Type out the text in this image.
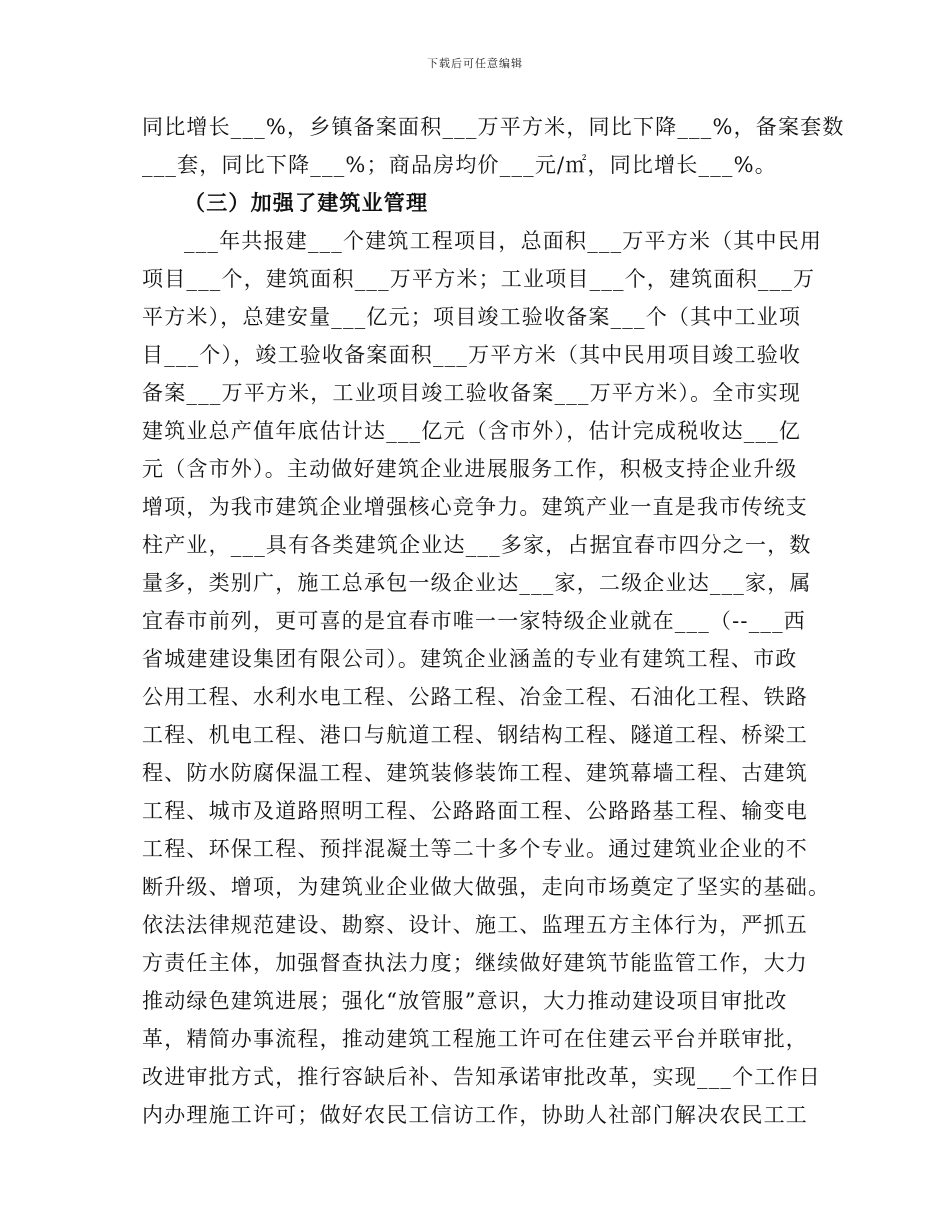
下载后可任意编辑
同比增长___%，乡镇备案面积___万平方米，同比下降___%，备案套数
___套，同比下降___%；商品房均价___元/㎡，同比增长___%。
（三）加强了建筑业管理
___年共报建___个建筑工程项目，总面积___万平方米（其中民用
项目___个，建筑面积___万平方米；工业项目___个，建筑面积___万
平方米），总建安量___亿元；项目竣工验收备案___个（其中工业项
目___个），竣工验收备案面积___万平方米（其中民用项目竣工验收
备案___万平方米，工业项目竣工验收备案___万平方米）。全市实现
建筑业总产值年底估计达___亿元（含市外），估计完成税收达___亿
元（含市外）。主动做好建筑企业进展服务工作，积极支持企业升级
增项，为我市建筑企业增强核心竞争力。建筑产业一直是我市传统支
柱产业，___具有各类建筑企业达___多家，占据宜春市四分之一，数
量多，类别广，施工总承包一级企业达___家，二级企业达___家，属
宜春市前列，更可喜的是宜春市唯一一家特级企业就在___（--___西
省城建建设集团有限公司）。建筑企业涵盖的专业有建筑工程、市政
公用工程、水利水电工程、公路工程、冶金工程、石油化工程、铁路
工程、机电工程、港口与航道工程、钢结构工程、隧道工程、桥梁工
程、防水防腐保温工程、建筑装修装饰工程、建筑幕墙工程、古建筑
工程、城市及道路照明工程、公路路面工程、公路路基工程、输变电
工程、环保工程、预拌混凝土等二十多个专业。通过建筑业企业的不
断升级、增项，为建筑业企业做大做强，走向市场奠定了坚实的基础。
依法法律规范建设、勘察、设计、施工、监理五方主体行为，严抓五
方责任主体，加强督查执法力度；继续做好建筑节能监管工作，大力
推动绿色建筑进展；强化“放管服”意识，大力推动建设项目审批改
革，精简办事流程，推动建筑工程施工许可在住建云平台并联审批，
改进审批方式，推行容缺后补、告知承诺审批改革，实现___个工作日
内办理施工许可；做好农民工信访工作，协助人社部门解决农民工工
